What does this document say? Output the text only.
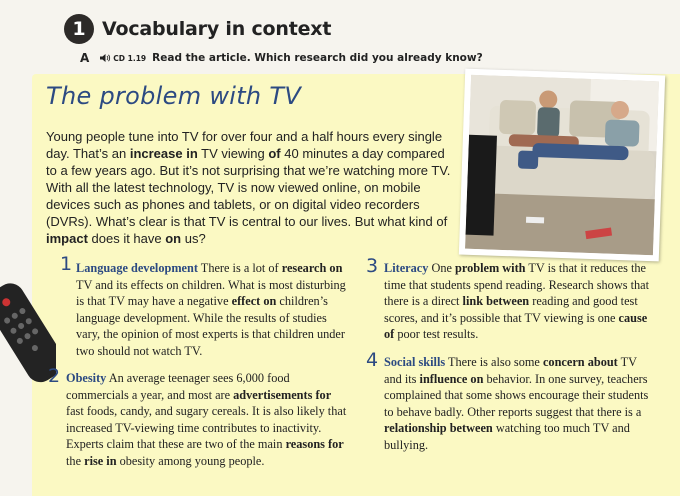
1 Vocabulary in context
A	CD 1.19 Read the article. Which research did you already know?
The problem with TV
Young people tune into TV for over four and a half hours every single day. That’s an increase in TV viewing of 40 minutes a day compared to a few years ago. But it’s not surprising that we’re watching more TV. With all the latest technology, TV is now viewed online, on mobile devices such as phones and tablets, or on digital video recorders (DVRs). What’s clear is that TV is central to our lives. But what kind of impact does it have on us?
1 Language development There is a lot of research on TV and its effects on children. What is most disturbing is that TV may have a negative effect on children’s language development. While the results of studies vary, the opinion of most experts is that children under two should not watch TV.
2 Obesity An average teenager sees 6,000 food commercials a year, and most are advertisements for fast foods, candy, and sugary cereals. It is also likely that increased TV-viewing time contributes to inactivity. Experts claim that these are two of the main reasons for the rise in obesity among young people.
3 Literacy One problem with TV is that it reduces the time that students spend reading. Research shows that there is a direct link between reading and good test scores, and it’s possible that TV viewing is one cause of poor test results.
4 Social skills There is also some concern about TV and its influence on behavior. In one survey, teachers complained that some shows encourage their students to behave badly. Other reports suggest that there is a relationship between watching too much TV and bullying.
